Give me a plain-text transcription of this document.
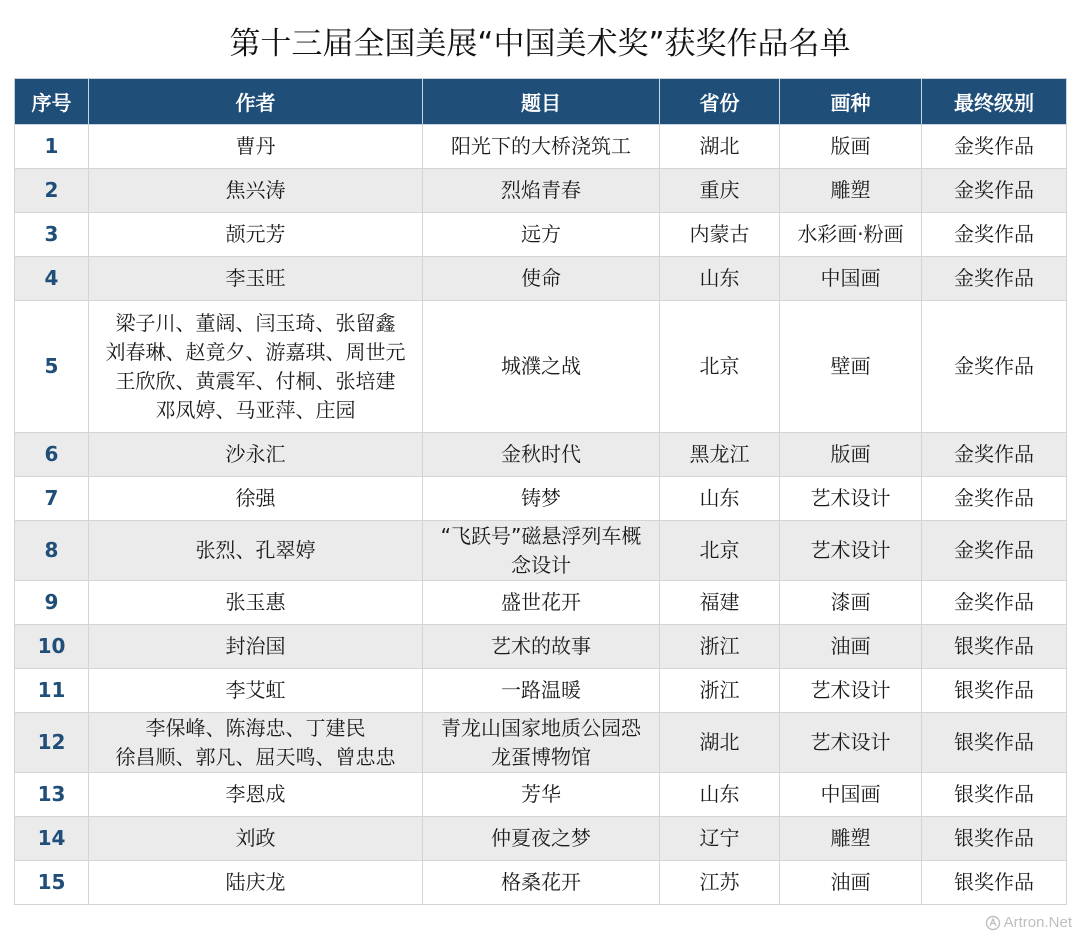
第十三届全国美展“中国美术奖”获奖作品名单
序号	作者	题目	省份	画种	最终级别
1	曹丹	阳光下的大桥浇筑工	湖北	版画	金奖作品
2	焦兴涛	烈焰青春	重庆	雕塑	金奖作品
3	颉元芳	远方	内蒙古	水彩画·粉画	金奖作品
4	李玉旺	使命	山东	中国画	金奖作品
5	梁子川、董阔、闫玉琦、张留鑫
刘春琳、赵竟夕、游嘉琪、周世元
王欣欣、黄震军、付桐、张培建
邓凤婷、马亚萍、庄园	城濮之战	北京	壁画	金奖作品
6	沙永汇	金秋时代	黑龙江	版画	金奖作品
7	徐强	铸梦	山东	艺术设计	金奖作品
8	张烈、孔翠婷	“飞跃号”磁悬浮列车概
念设计	北京	艺术设计	金奖作品
9	张玉惠	盛世花开	福建	漆画	金奖作品
10	封治国	艺术的故事	浙江	油画	银奖作品
11	李艾虹	一路温暖	浙江	艺术设计	银奖作品
12	李保峰、陈海忠、丁建民
徐昌顺、郭凡、屈天鸣、曾忠忠	青龙山国家地质公园恐
龙蛋博物馆	湖北	艺术设计	银奖作品
13	李恩成	芳华	山东	中国画	银奖作品
14	刘政	仲夏夜之梦	辽宁	雕塑	银奖作品
15	陆庆龙	格桑花开	江苏	油画	银奖作品
Artron.Net
